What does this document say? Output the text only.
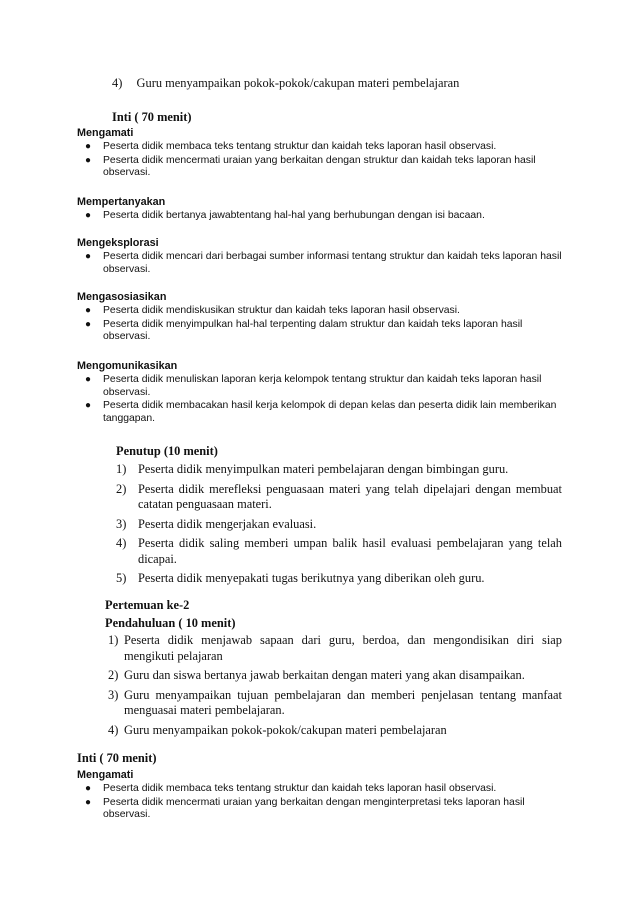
4) Guru menyampaikan pokok-pokok/cakupan materi pembelajaran
Inti ( 70 menit)
Mengamati
● Peserta didik membaca teks tentang struktur dan kaidah teks laporan hasil observasi.
● Peserta didik mencermati uraian yang berkaitan dengan struktur dan kaidah teks laporan hasil observasi.
Mempertanyakan
● Peserta didik bertanya jawabtentang hal-hal yang berhubungan dengan isi bacaan.
Mengeksplorasi
● Peserta didik mencari dari berbagai sumber informasi tentang struktur dan kaidah teks laporan hasil observasi.
Mengasosiasikan
● Peserta didik mendiskusikan struktur dan kaidah teks laporan hasil observasi.
● Peserta didik menyimpulkan hal-hal terpenting dalam struktur dan kaidah teks laporan hasil observasi.
Mengomunikasikan
● Peserta didik menuliskan laporan kerja kelompok tentang struktur dan kaidah teks laporan hasil observasi.
● Peserta didik membacakan hasil kerja kelompok di depan kelas dan peserta didik lain memberikan tanggapan.
Penutup (10 menit)
1) Peserta didik menyimpulkan materi pembelajaran dengan bimbingan guru.
2) Peserta didik merefleksi penguasaan materi yang telah dipelajari dengan membuat catatan penguasaan materi.
3) Peserta didik mengerjakan evaluasi.
4) Peserta didik saling memberi umpan balik hasil evaluasi pembelajaran yang telah dicapai.
5) Peserta didik menyepakati tugas berikutnya yang diberikan oleh guru.
Pertemuan ke-2
Pendahuluan ( 10 menit)
1) Peserta didik menjawab sapaan dari guru, berdoa, dan mengondisikan diri siap mengikuti pelajaran
2) Guru dan siswa bertanya jawab berkaitan dengan materi yang akan disampaikan.
3) Guru menyampaikan tujuan pembelajaran dan memberi penjelasan tentang manfaat menguasai materi pembelajaran.
4) Guru menyampaikan pokok-pokok/cakupan materi pembelajaran
Inti ( 70 menit)
Mengamati
● Peserta didik membaca teks tentang struktur dan kaidah teks laporan hasil observasi.
● Peserta didik mencermati uraian yang berkaitan dengan menginterpretasi teks laporan hasil observasi.
